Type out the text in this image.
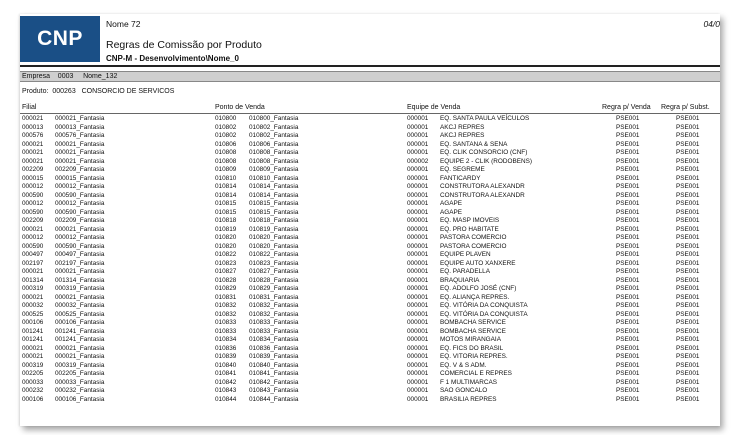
CNP
Nome 72	04/0
Regras de Comissão por Produto
CNP-M - Desenvolvimento\Nome_0
Empresa 0003 Nome_132
Produto: 000263 CONSORCIO DE SERVICOS
Filial	Ponto de Venda	Equipe de Venda	Regra p/ Venda Regra p/ Subst.
000021 000021_Fantasia	010800 010800_Fantasia	000001 EQ. SANTA PAULA VEÍCULOS	PSE001	PSE001
000013 000013_Fantasia	010802 010802_Fantasia	000001 AKCJ REPRES	PSE001	PSE001
000576 000576_Fantasia	010802 010802_Fantasia	000001 AKCJ REPRES	PSE001	PSE001
000021 000021_Fantasia	010806 010806_Fantasia	000001 EQ. SANTANA & SENA	PSE001	PSE001
000021 000021_Fantasia	010808 010808_Fantasia	000001 EQ. CLIK CONSORCIO (CNF)	PSE001	PSE001
000021 000021_Fantasia	010808 010808_Fantasia	000002 EQUIPE 2 - CLIK (RODOBENS)	PSE001	PSE001
002209 002209_Fantasia	010809 010809_Fantasia	000001 EQ. SEGREME	PSE001	PSE001
000015 000015_Fantasia	010810 010810_Fantasia	000001 FANTICARDY	PSE001	PSE001
000012 000012_Fantasia	010814 010814_Fantasia	000001 CONSTRUTORA ALEXANDR	PSE001	PSE001
000590 000590_Fantasia	010814 010814_Fantasia	000001 CONSTRUTORA ALEXANDR	PSE001	PSE001
000012 000012_Fantasia	010815 010815_Fantasia	000001 AGAPE	PSE001	PSE001
000590 000590_Fantasia	010815 010815_Fantasia	000001 AGAPE	PSE001	PSE001
002209 002209_Fantasia	010818 010818_Fantasia	000001 EQ. MASP IMOVEIS	PSE001	PSE001
000021 000021_Fantasia	010819 010819_Fantasia	000001 EQ. PRO HABITATE	PSE001	PSE001
000012 000012_Fantasia	010820 010820_Fantasia	000001 PASTORA COMERCIO	PSE001	PSE001
000590 000590_Fantasia	010820 010820_Fantasia	000001 PASTORA COMERCIO	PSE001	PSE001
000497 000497_Fantasia	010822 010822_Fantasia	000001 EQUIPE PLAVEN	PSE001	PSE001
002197 002197_Fantasia	010823 010823_Fantasia	000001 EQUIPE AUTO XANXERE	PSE001	PSE001
000021 000021_Fantasia	010827 010827_Fantasia	000001 EQ. PARADELLA	PSE001	PSE001
001314 001314_Fantasia	010828 010828_Fantasia	000001 BRAQUIARIA	PSE001	PSE001
000319 000319_Fantasia	010829 010829_Fantasia	000001 EQ. ADOLFO JOSÉ (CNF)	PSE001	PSE001
000021 000021_Fantasia	010831 010831_Fantasia	000001 EQ. ALIANÇA REPRES.	PSE001	PSE001
000032 000032_Fantasia	010832 010832_Fantasia	000001 EQ. VITÓRIA DA CONQUISTA	PSE001	PSE001
000525 000525_Fantasia	010832 010832_Fantasia	000001 EQ. VITÓRIA DA CONQUISTA	PSE001	PSE001
000106 000106_Fantasia	010833 010833_Fantasia	000001 BOMBACHA SERVICE	PSE001	PSE001
001241 001241_Fantasia	010833 010833_Fantasia	000001 BOMBACHA SERVICE	PSE001	PSE001
001241 001241_Fantasia	010834 010834_Fantasia	000001 MOTOS MIRANGAIA	PSE001	PSE001
000021 000021_Fantasia	010836 010836_Fantasia	000001 EQ. FICS DO BRASIL	PSE001	PSE001
000021 000021_Fantasia	010839 010839_Fantasia	000001 EQ. VITORIA REPRES.	PSE001	PSE001
000319 000319_Fantasia	010840 010840_Fantasia	000001 EQ. V & S ADM.	PSE001	PSE001
002205 002205_Fantasia	010841 010841_Fantasia	000001 COMERCIAL E REPRES	PSE001	PSE001
000033 000033_Fantasia	010842 010842_Fantasia	000001 F 1 MULTIMARCAS	PSE001	PSE001
000232 000232_Fantasia	010843 010843_Fantasia	000001 SAO GONCALO	PSE001	PSE001
000106 000106_Fantasia	010844 010844_Fantasia	000001 BRASILIA REPRES	PSE001	PSE001
